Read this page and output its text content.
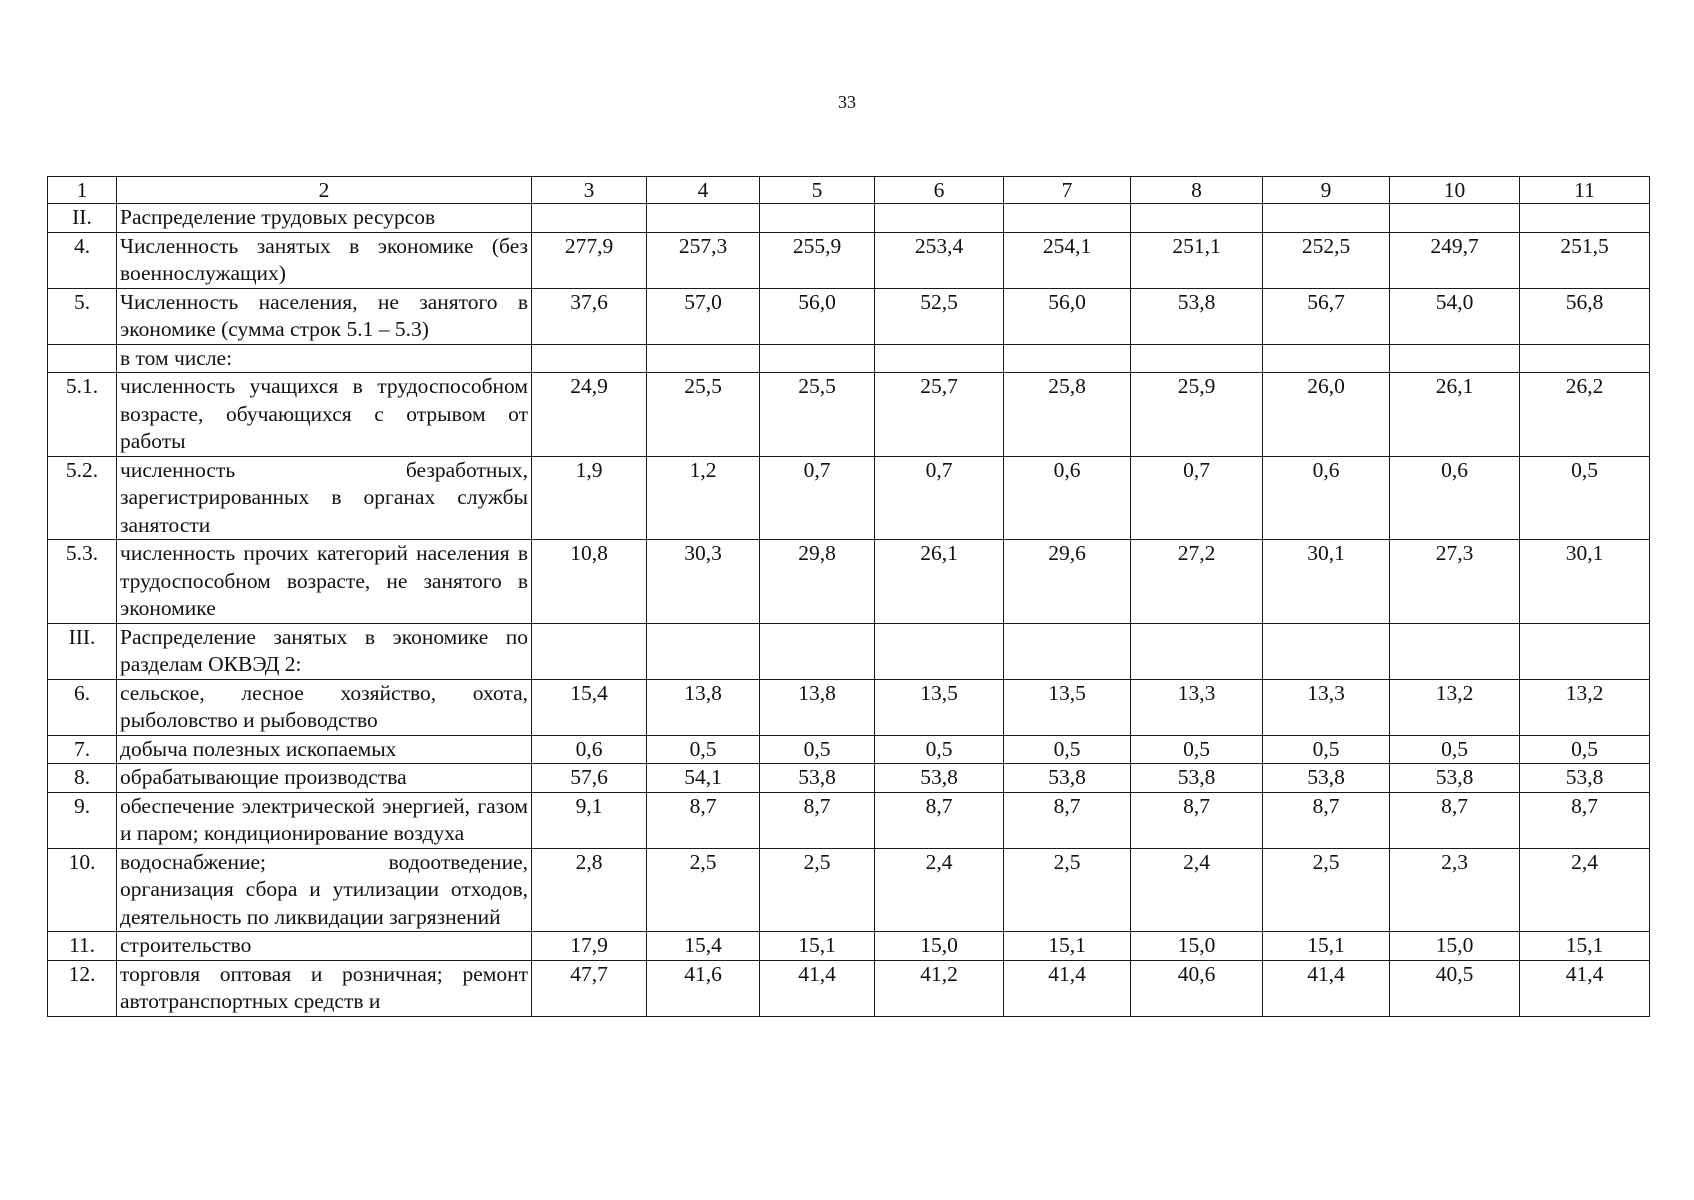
33
1	2	3	4	5	6	7	8	9	10	11
II.	Распределение трудовых ресурсов									
4.	Численность занятых в экономике (без военнослужащих)	277,9	257,3	255,9	253,4	254,1	251,1	252,5	249,7	251,5
5.	Численность населения, не занятого в экономике (сумма строк 5.1 – 5.3)	37,6	57,0	56,0	52,5	56,0	53,8	56,7	54,0	56,8
	в том числе:									
5.1.	численность учащихся в трудоспособном возрасте, обучающихся с отрывом от работы	24,9	25,5	25,5	25,7	25,8	25,9	26,0	26,1	26,2
5.2.	численность безработных, зарегистрированных в органах службы занятости	1,9	1,2	0,7	0,7	0,6	0,7	0,6	0,6	0,5
5.3.	численность прочих категорий населения в трудоспособном возрасте, не занятого в экономике	10,8	30,3	29,8	26,1	29,6	27,2	30,1	27,3	30,1
III.	Распределение занятых в экономике по разделам ОКВЭД 2:									
6.	сельское, лесное хозяйство, охота, рыболовство и рыбоводство	15,4	13,8	13,8	13,5	13,5	13,3	13,3	13,2	13,2
7.	добыча полезных ископаемых	0,6	0,5	0,5	0,5	0,5	0,5	0,5	0,5	0,5
8.	обрабатывающие производства	57,6	54,1	53,8	53,8	53,8	53,8	53,8	53,8	53,8
9.	обеспечение электрической энергией, газом и паром; кондиционирование воздуха	9,1	8,7	8,7	8,7	8,7	8,7	8,7	8,7	8,7
10.	водоснабжение; водоотведение, организация сбора и утилизации отходов, деятельность по ликвидации загрязнений	2,8	2,5	2,5	2,4	2,5	2,4	2,5	2,3	2,4
11.	строительство	17,9	15,4	15,1	15,0	15,1	15,0	15,1	15,0	15,1
12.	торговля оптовая и розничная; ремонт автотранспортных средств и	47,7	41,6	41,4	41,2	41,4	40,6	41,4	40,5	41,4
